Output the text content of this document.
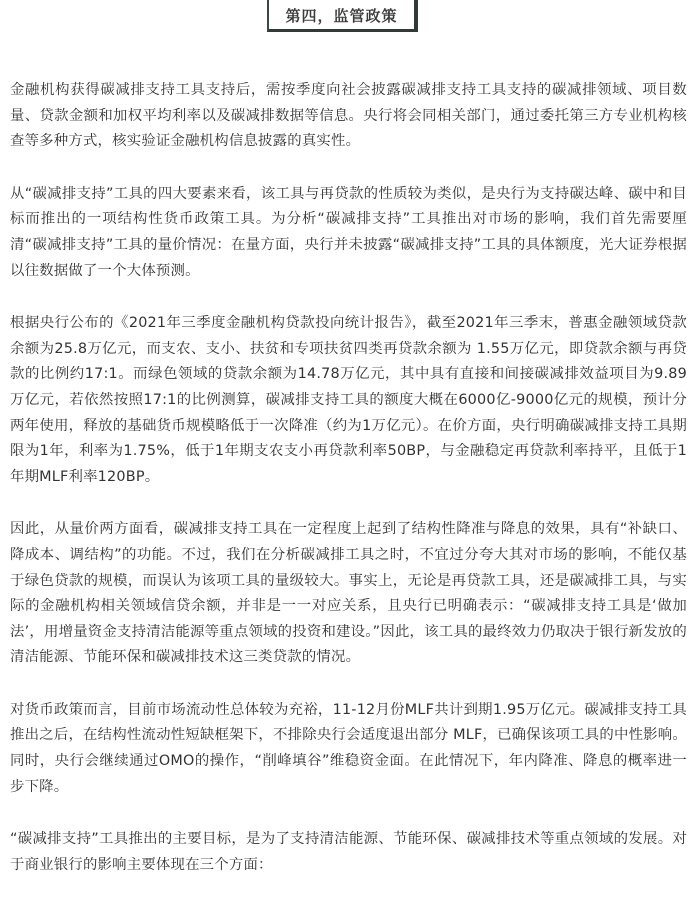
第四，监管政策

金融机构获得碳减排支持工具支持后，需按季度向社会披露碳减排支持工具支持的碳减排领域、项目数量、贷款金额和加权平均利率以及碳减排数据等信息。央行将会同相关部门，通过委托第三方专业机构核查等多种方式，核实验证金融机构信息披露的真实性。

从“碳减排支持”工具的四大要素来看，该工具与再贷款的性质较为类似，是央行为支持碳达峰、碳中和目标而推出的一项结构性货币政策工具。为分析“碳减排支持”工具推出对市场的影响，我们首先需要厘清“碳减排支持”工具的量价情况：在量方面，央行并未披露“碳减排支持”工具的具体额度，光大证券根据以往数据做了一个大体预测。

根据央行公布的《2021年三季度金融机构贷款投向统计报告》，截至2021年三季末，普惠金融领域贷款余额为25.8万亿元，而支农、支小、扶贫和专项扶贫四类再贷款余额为 1.55万亿元，即贷款余额与再贷款的比例约17:1。而绿色领域的贷款余额为14.78万亿元，其中具有直接和间接碳减排效益项目为9.89万亿元，若依然按照17:1的比例测算，碳减排支持工具的额度大概在6000亿-9000亿元的规模，预计分两年使用，释放的基础货币规模略低于一次降准（约为1万亿元）。在价方面，央行明确碳减排支持工具期限为1年，利率为1.75%，低于1年期支农支小再贷款利率50BP，与金融稳定再贷款利率持平，且低于1年期MLF利率120BP。

因此，从量价两方面看，碳减排支持工具在一定程度上起到了结构性降准与降息的效果，具有“补缺口、降成本、调结构”的功能。不过，我们在分析碳减排工具之时，不宜过分夸大其对市场的影响，不能仅基于绿色贷款的规模，而误认为该项工具的量级较大。事实上，无论是再贷款工具，还是碳减排工具，与实际的金融机构相关领域信贷余额，并非是一一对应关系，且央行已明确表示：“碳减排支持工具是‘做加法’，用增量资金支持清洁能源等重点领域的投资和建设。”因此，该工具的最终效力仍取决于银行新发放的清洁能源、节能环保和碳减排技术这三类贷款的情况。

对货币政策而言，目前市场流动性总体较为充裕，11-12月份MLF共计到期1.95万亿元。碳减排支持工具推出之后，在结构性流动性短缺框架下，不排除央行会适度退出部分 MLF，已确保该项工具的中性影响。同时，央行会继续通过OMO的操作，“削峰填谷”维稳资金面。在此情况下，年内降准、降息的概率进一步下降。

“碳减排支持”工具推出的主要目标，是为了支持清洁能源、节能环保、碳减排技术等重点领域的发展。对于商业银行的影响主要体现在三个方面：
